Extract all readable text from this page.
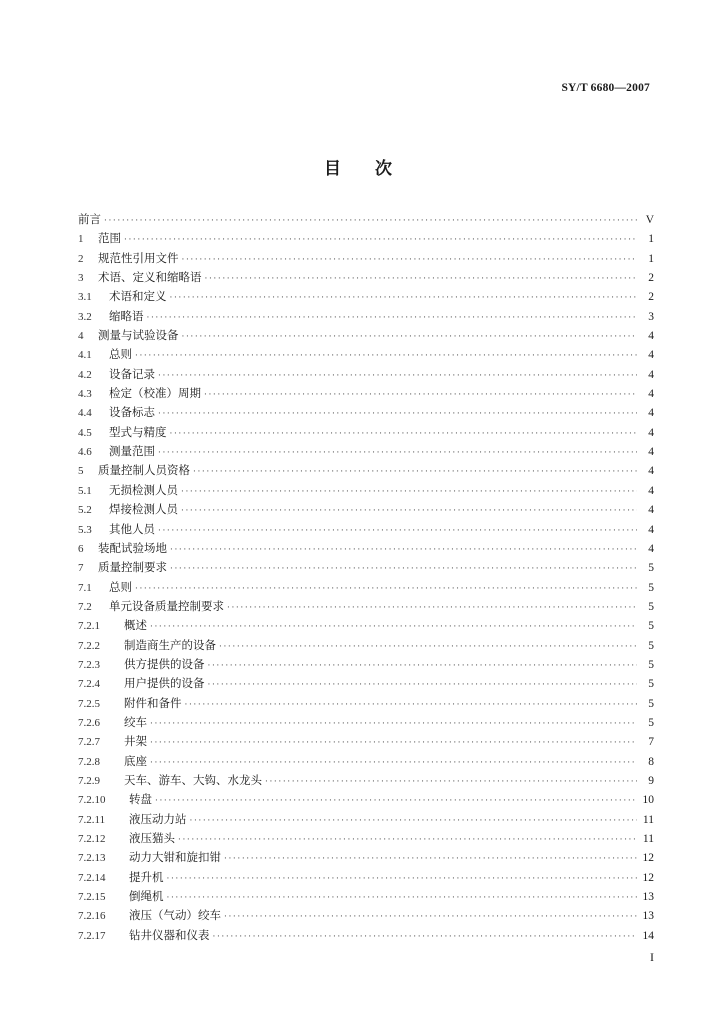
SY/T 6680—2007
目次
前言 ·····	V
1	范围 ·····	1
2	规范性引用文件 ·····	1
3	术语、定义和缩略语 ·····	2
3.1	术语和定义 ·····	2
3.2	缩略语 ·····	3
4	测量与试验设备 ·····	4
4.1	总则 ·····	4
4.2	设备记录 ·····	4
4.3	检定（校准）周期 ·····	4
4.4	设备标志 ·····	4
4.5	型式与精度 ·····	4
4.6	测量范围 ·····	4
5	质量控制人员资格 ·····	4
5.1	无损检测人员 ·····	4
5.2	焊接检测人员 ·····	4
5.3	其他人员 ·····	4
6	装配试验场地 ·····	4
7	质量控制要求 ·····	5
7.1	总则 ·····	5
7.2	单元设备质量控制要求 ·····	5
7.2.1	概述 ·····	5
7.2.2	制造商生产的设备 ·····	5
7.2.3	供方提供的设备 ·····	5
7.2.4	用户提供的设备 ·····	5
7.2.5	附件和备件 ·····	5
7.2.6	绞车 ·····	5
7.2.7	井架 ·····	7
7.2.8	底座 ·····	8
7.2.9	天车、游车、大钩、水龙头 ·····	9
7.2.10	转盘 ·····	10
7.2.11	液压动力站 ·····	11
7.2.12	液压猫头 ·····	11
7.2.13	动力大钳和旋扣钳 ·····	12
7.2.14	提升机 ·····	12
7.2.15	倒绳机 ·····	13
7.2.16	液压（气动）绞车 ·····	13
7.2.17	钻井仪器和仪表 ·····	14
I
